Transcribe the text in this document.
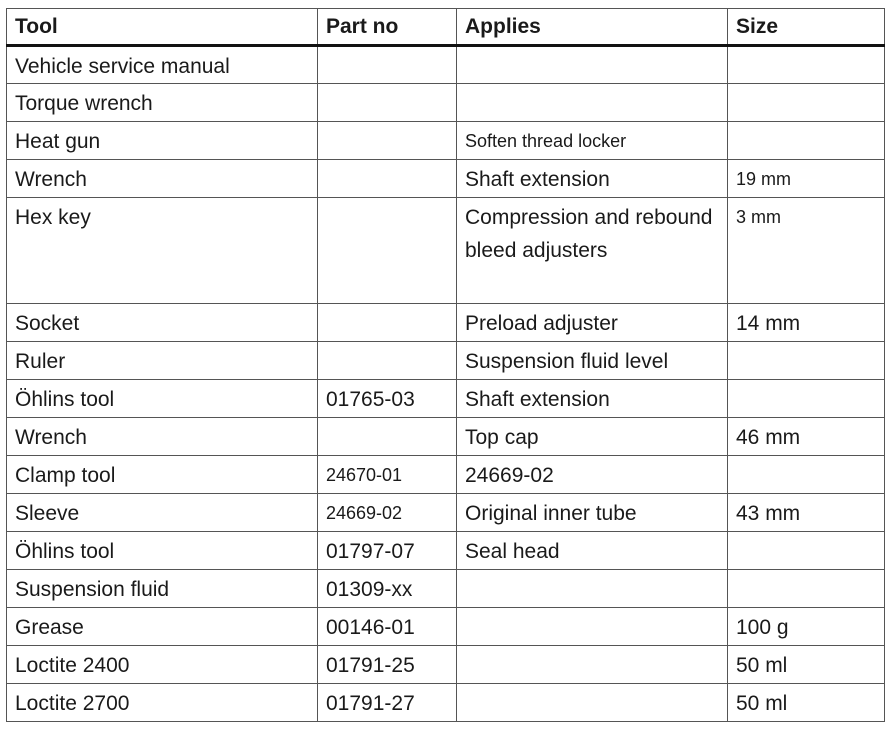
Tool	Part no	Applies	Size
Vehicle service manual			
Torque wrench			
Heat gun		Soften thread locker	
Wrench		Shaft extension	19 mm
Hex key		Compression and rebound bleed adjusters	3 mm
Socket		Preload adjuster	14 mm
Ruler		Suspension fluid level	
Öhlins tool	01765-03	Shaft extension	
Wrench		Top cap	46 mm
Clamp tool	24670-01	24669-02	
Sleeve	24669-02	Original inner tube	43 mm
Öhlins tool	01797-07	Seal head	
Suspension fluid	01309-xx		
Grease	00146-01		100 g
Loctite 2400	01791-25		50 ml
Loctite 2700	01791-27		50 ml
